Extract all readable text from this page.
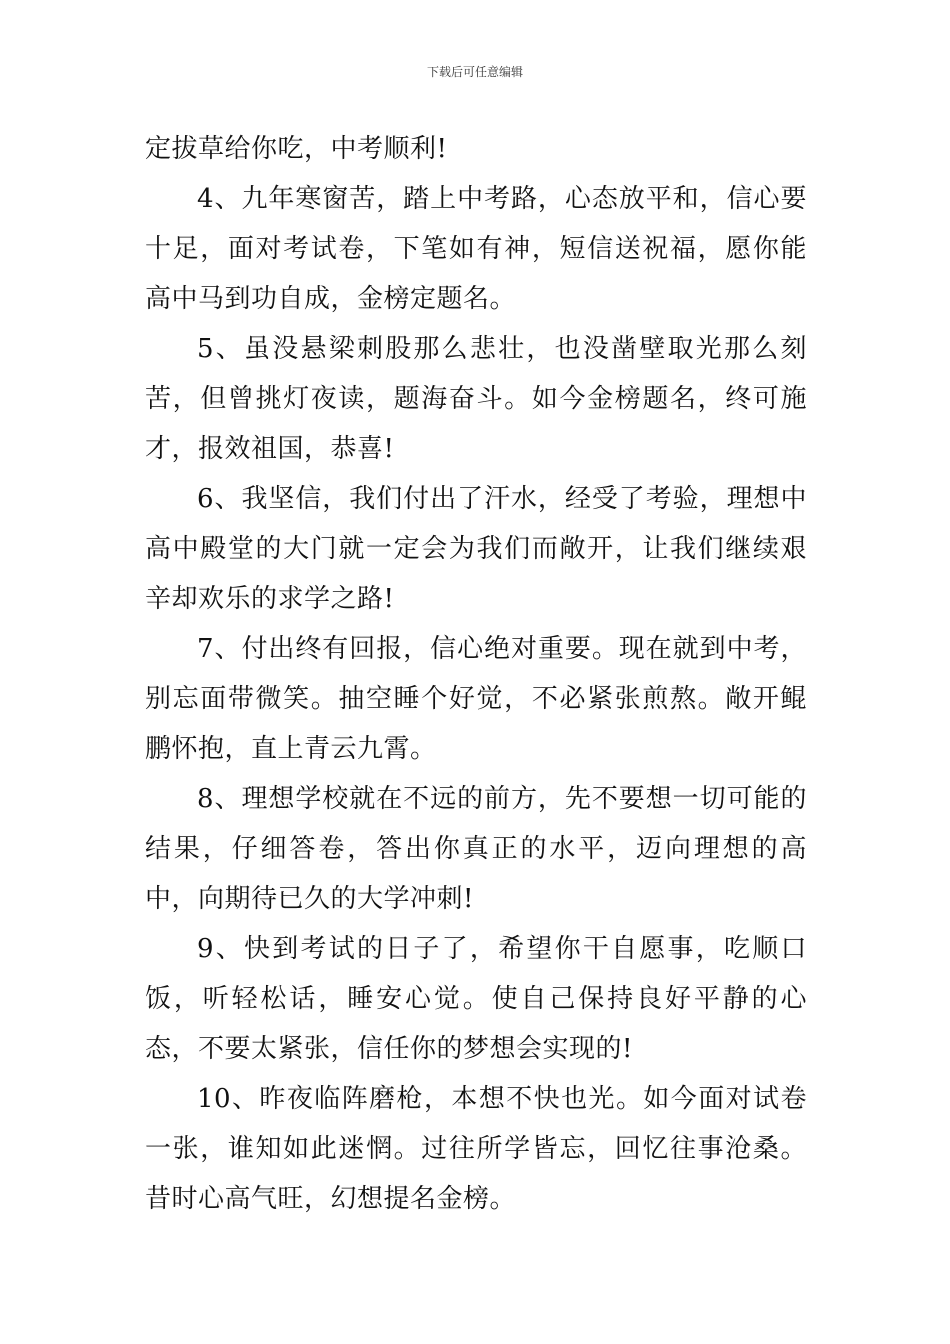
下载后可任意编辑

定拔草给你吃，中考顺利!

4、九年寒窗苦，踏上中考路，心态放平和，信心要十足，面对考试卷，下笔如有神，短信送祝福，愿你能高中马到功自成，金榜定题名。

5、虽没悬梁刺股那么悲壮，也没凿壁取光那么刻苦，但曾挑灯夜读，题海奋斗。如今金榜题名，终可施才，报效祖国，恭喜!

6、我坚信，我们付出了汗水，经受了考验，理想中高中殿堂的大门就一定会为我们而敞开，让我们继续艰辛却欢乐的求学之路!

7、付出终有回报，信心绝对重要。现在就到中考，别忘面带微笑。抽空睡个好觉，不必紧张煎熬。敞开鲲鹏怀抱，直上青云九霄。

8、理想学校就在不远的前方，先不要想一切可能的结果，仔细答卷，答出你真正的水平，迈向理想的高中，向期待已久的大学冲刺!

9、快到考试的日子了，希望你干自愿事，吃顺口饭，听轻松话，睡安心觉。使自己保持良好平静的心态，不要太紧张，信任你的梦想会实现的!

10、昨夜临阵磨枪，本想不快也光。如今面对试卷一张，谁知如此迷惘。过往所学皆忘，回忆往事沧桑。昔时心高气旺，幻想提名金榜。
